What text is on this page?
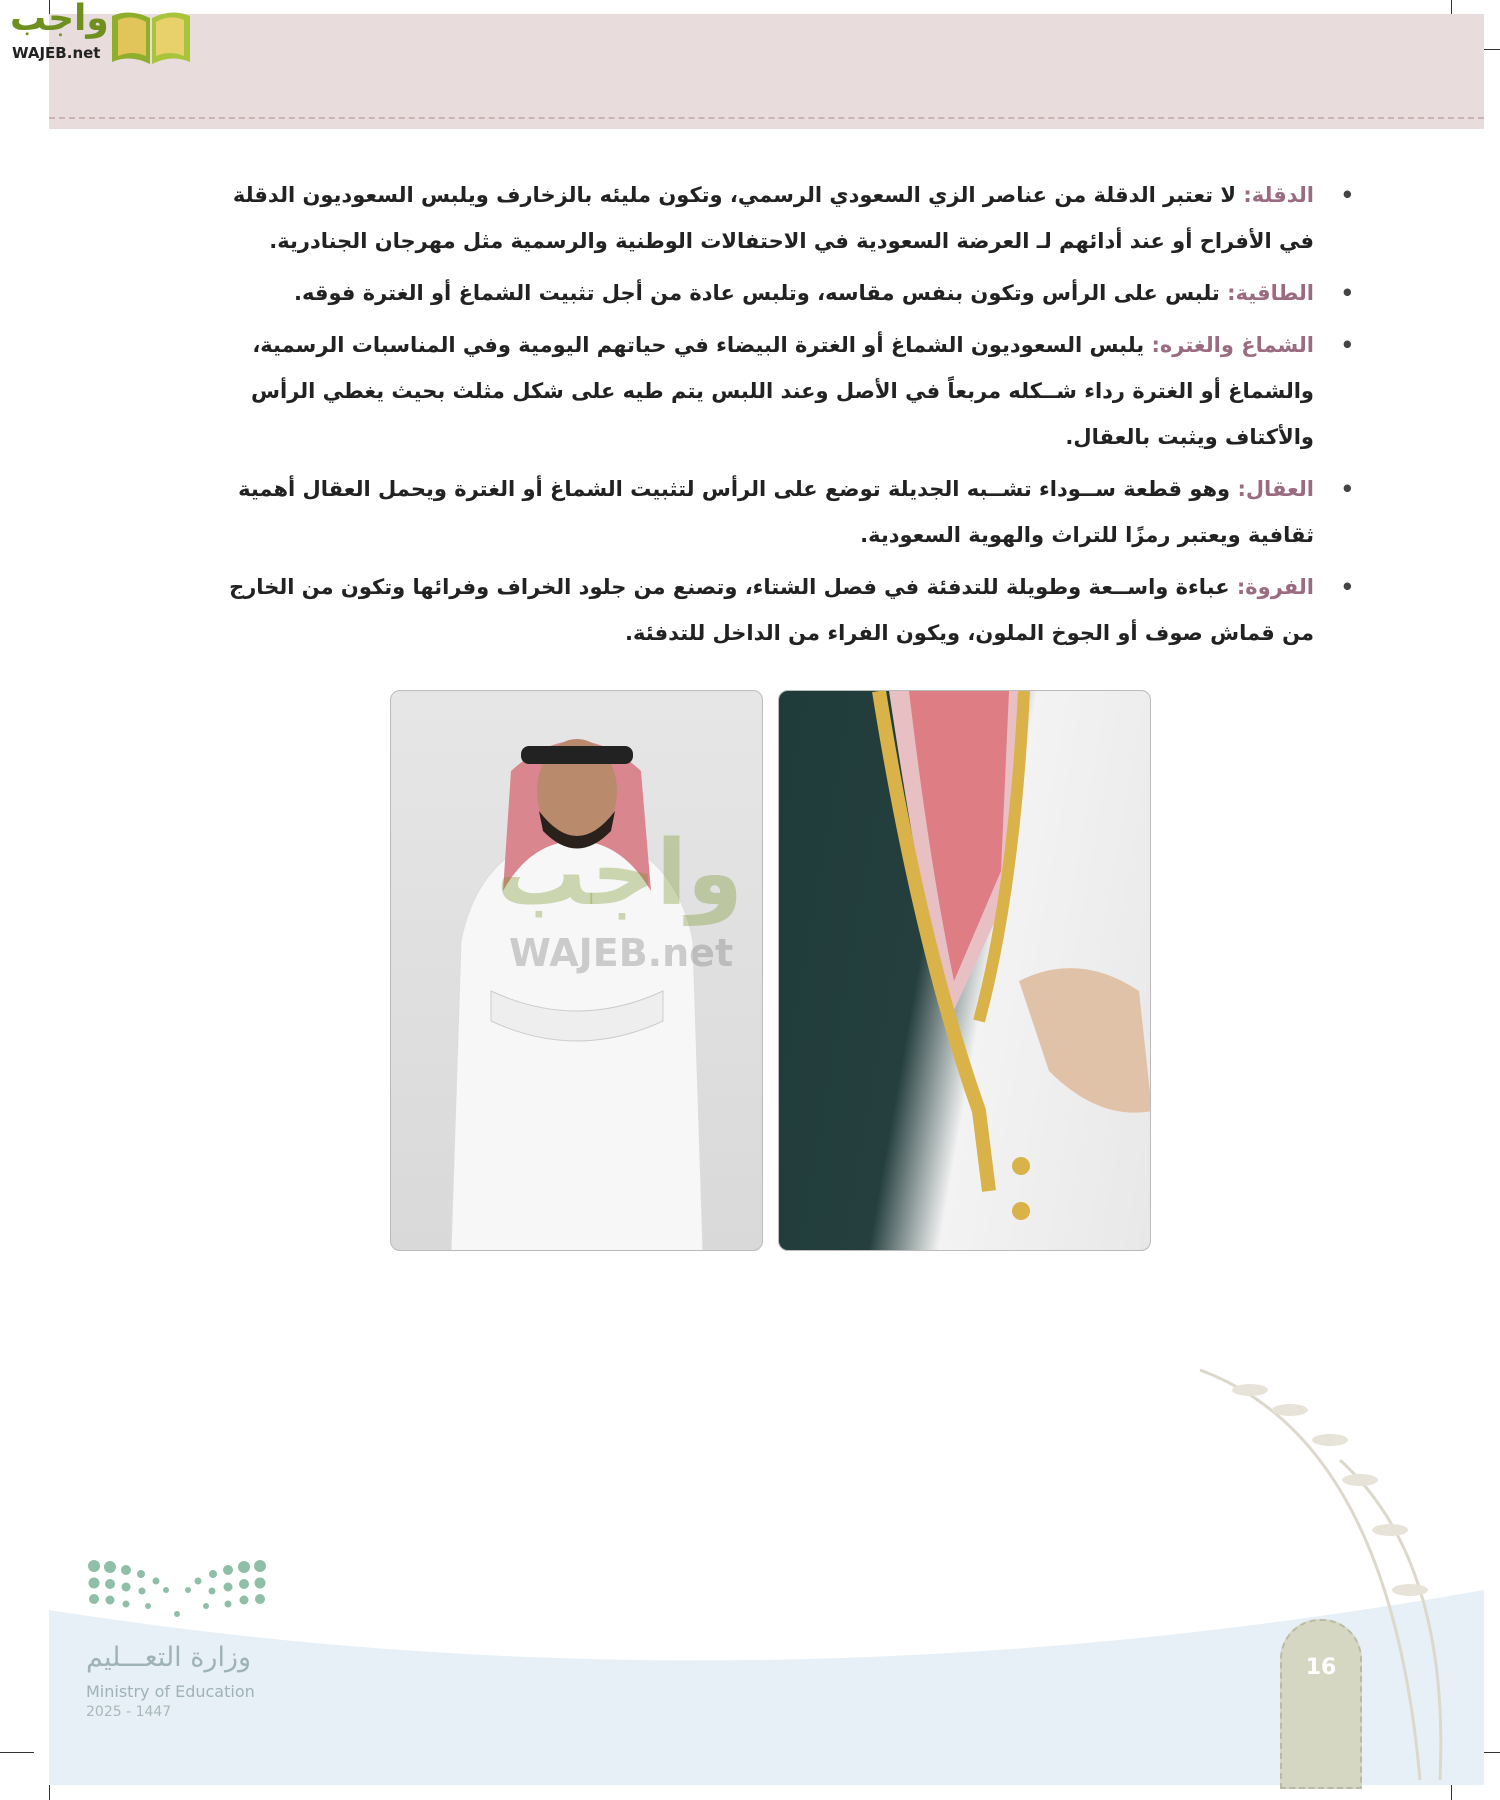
واجب
WAJEB.net
• الدقلة: لا تعتبر الدقلة من عناصر الزي السعودي الرسمي، وتكون مليئه بالزخارف ويلبس السعوديون الدقلة في الأفراح أو عند أدائهم لـ العرضة السعودية في الاحتفالات الوطنية والرسمية مثل مهرجان الجنادرية.
• الطاقية: تلبس على الرأس وتكون بنفس مقاسه، وتلبس عادة من أجل تثبيت الشماغ أو الغترة فوقه.
• الشماغ والغتره: يلبس السعوديون الشماغ أو الغترة البيضاء في حياتهم اليومية وفي المناسبات الرسمية، والشماغ أو الغترة رداء شــكله مربعاً في الأصل وعند اللبس يتم طيه على شكل مثلث بحيث يغطي الرأس والأكتاف ويثبت بالعقال.
• العقال: وهو قطعة ســوداء تشــبه الجديلة توضع على الرأس لتثبيت الشماغ أو الغترة ويحمل العقال أهمية ثقافية ويعتبر رمزًا للتراث والهوية السعودية.
• الفروة: عباءة واســعة وطويلة للتدفئة في فصل الشتاء، وتصنع من جلود الخراف وفرائها وتكون من الخارج من قماش صوف أو الجوخ الملون، ويكون الفراء من الداخل للتدفئة.
واجب
WAJEB.net
16
وزارة التعـــليم
Ministry of Education
2025 - 1447
